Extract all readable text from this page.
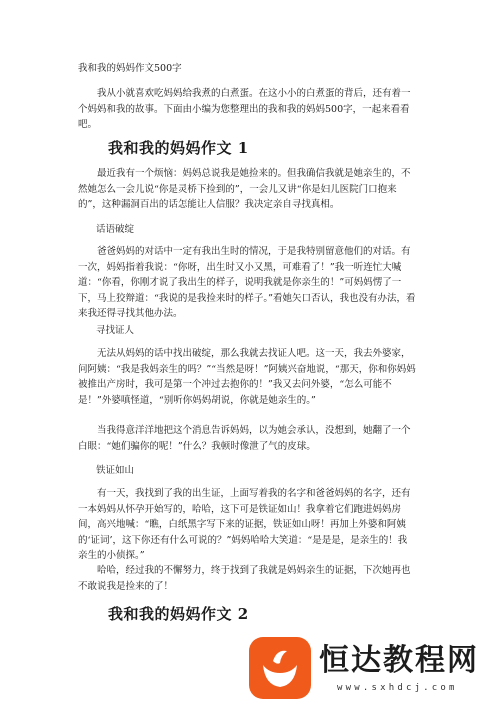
我和我的妈妈作文500字

我从小就喜欢吃妈妈给我煮的白煮蛋。在这小小的白煮蛋的背后，还有着一个妈妈和我的故事。下面由小编为您整理出的我和我的妈妈500字，一起来看看吧。

我和我的妈妈作文 1

最近我有一个烦恼：妈妈总说我是她捡来的。但我确信我就是她亲生的，不然她怎么一会儿说“你是灵桥下捡到的”，一会儿又讲“你是妇儿医院门口抱来的”，这种漏洞百出的话怎能让人信服？我决定亲自寻找真相。

话语破绽

爸爸妈妈的对话中一定有我出生时的情况，于是我特别留意他们的对话。有一次，妈妈指着我说：“你呀，出生时又小又黑，可难看了！”我一听连忙大喊道：“你看，你刚才说了我出生的样子，说明我就是你亲生的！”可妈妈愣了一下，马上狡辩道：“我说的是我捡来时的样子。”看她矢口否认，我也没有办法，看来我还得寻找其他办法。

寻找证人

无法从妈妈的话中找出破绽，那么我就去找证人吧。这一天，我去外婆家，问阿姨：“我是我妈亲生的吗？”“当然是呀！”阿姨兴奋地说，“那天，你和你妈妈被推出产房时，我可是第一个冲过去抱你的！”我又去问外婆，“怎么可能不是！”外婆嗔怪道，“别听你妈妈胡说，你就是她亲生的。”

当我得意洋洋地把这个消息告诉妈妈，以为她会承认，没想到，她翻了一个白眼：“她们骗你的呢！”什么？我顿时像泄了气的皮球。

铁证如山

有一天，我找到了我的出生证，上面写着我的名字和爸爸妈妈的名字，还有一本妈妈从怀孕开始写的，哈哈，这下可是铁证如山！我拿着它们跑进妈妈房间，高兴地喊：“瞧，白纸黑字写下来的证据，铁证如山呀！再加上外婆和阿姨的‘证词’，这下你还有什么可说的？”妈妈哈哈大笑道：“是是是，是亲生的！我亲生的小侦探。”

哈哈，经过我的不懈努力，终于找到了我就是妈妈亲生的证据，下次她再也不敢说我是捡来的了！

我和我的妈妈作文 2
恒达教程网
www.sxhdcj.com
